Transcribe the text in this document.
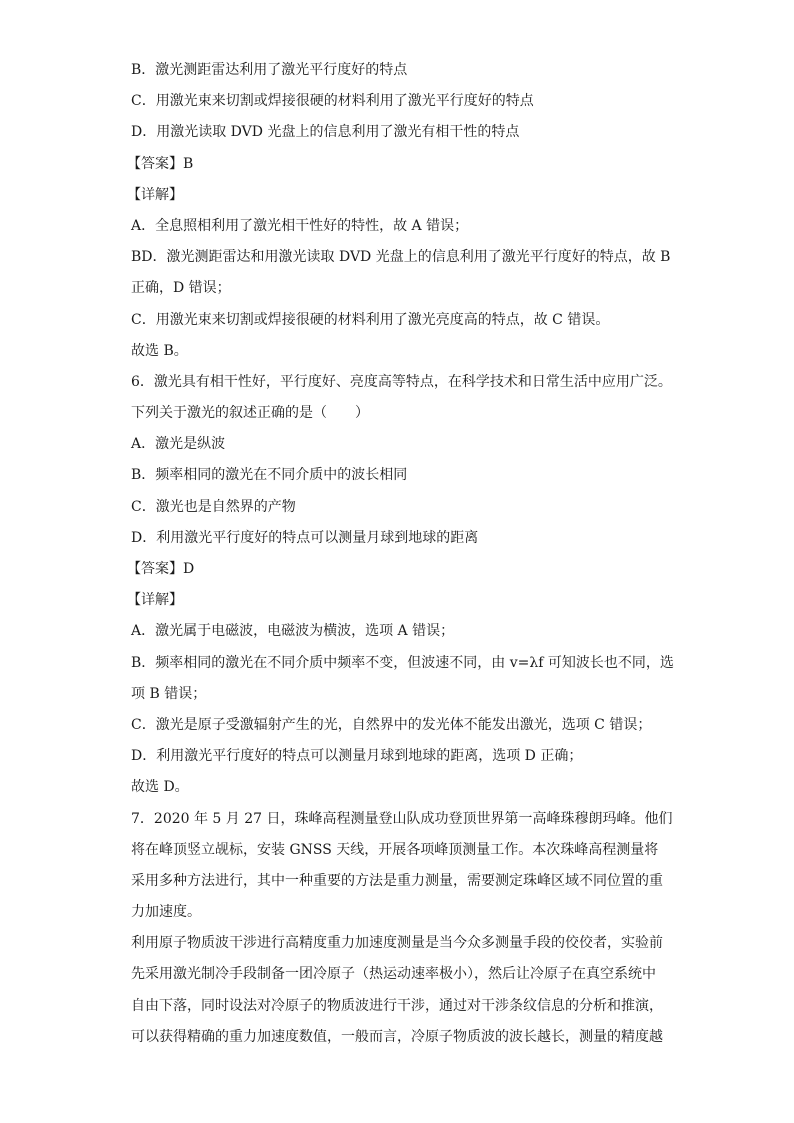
B．激光测距雷达利用了激光平行度好的特点
C．用激光束来切割或焊接很硬的材料利用了激光平行度好的特点
D．用激光读取 DVD 光盘上的信息利用了激光有相干性的特点
【答案】B
【详解】
A．全息照相利用了激光相干性好的特性，故 A 错误；
BD．激光测距雷达和用激光读取 DVD 光盘上的信息利用了激光平行度好的特点，故 B
正确，D 错误；
C．用激光束来切割或焊接很硬的材料利用了激光亮度高的特点，故 C 错误。
故选 B。
6．激光具有相干性好，平行度好、亮度高等特点，在科学技术和日常生活中应用广泛。
下列关于激光的叙述正确的是（　　）
A．激光是纵波
B．频率相同的激光在不同介质中的波长相同
C．激光也是自然界的产物
D．利用激光平行度好的特点可以测量月球到地球的距离
【答案】D
【详解】
A．激光属于电磁波，电磁波为横波，选项 A 错误；
B．频率相同的激光在不同介质中频率不变，但波速不同，由 v=λf 可知波长也不同，选
项 B 错误；
C．激光是原子受激辐射产生的光，自然界中的发光体不能发出激光，选项 C 错误；
D．利用激光平行度好的特点可以测量月球到地球的距离，选项 D 正确；
故选 D。
7．2020 年 5 月 27 日，珠峰高程测量登山队成功登顶世界第一高峰珠穆朗玛峰。他们
将在峰顶竖立觇标，安装 GNSS 天线，开展各项峰顶测量工作。本次珠峰高程测量将
采用多种方法进行，其中一种重要的方法是重力测量，需要测定珠峰区域不同位置的重
力加速度。
利用原子物质波干涉进行高精度重力加速度测量是当今众多测量手段的佼佼者，实验前
先采用激光制冷手段制备一团冷原子（热运动速率极小），然后让冷原子在真空系统中
自由下落，同时设法对冷原子的物质波进行干涉，通过对干涉条纹信息的分析和推演，
可以获得精确的重力加速度数值，一般而言，冷原子物质波的波长越长，测量的精度越
